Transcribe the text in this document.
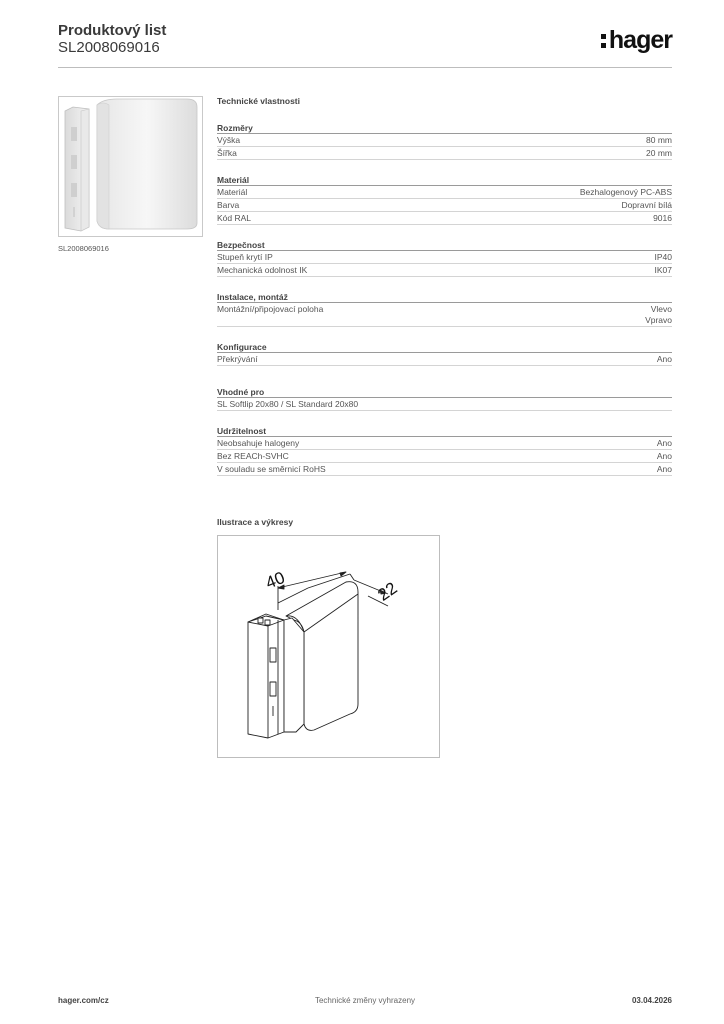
Produktový list
SL2008069016	hager
SL2008069016
Technické vlastnosti
Rozměry
Výška	80 mm
Šířka	20 mm
Materiál
Materiál	Bezhalogenový PC-ABS
Barva	Dopravní bílá
Kód RAL	9016
Bezpečnost
Stupeň krytí IP	IP40
Mechanická odolnost IK	IK07
Instalace, montáž
Montážní/připojovací poloha	Vlevo
Vpravo
Konfigurace
Překrývání	Ano
Vhodné pro
SL Softlip 20x80 / SL Standard 20x80
Udržitelnost
Neobsahuje halogeny	Ano
Bez REACh-SVHC	Ano
V souladu se směrnicí RoHS	Ano
Ilustrace a výkresy
40	22
Technické změny vyhrazeny
hager.com/cz	03.04.2026
